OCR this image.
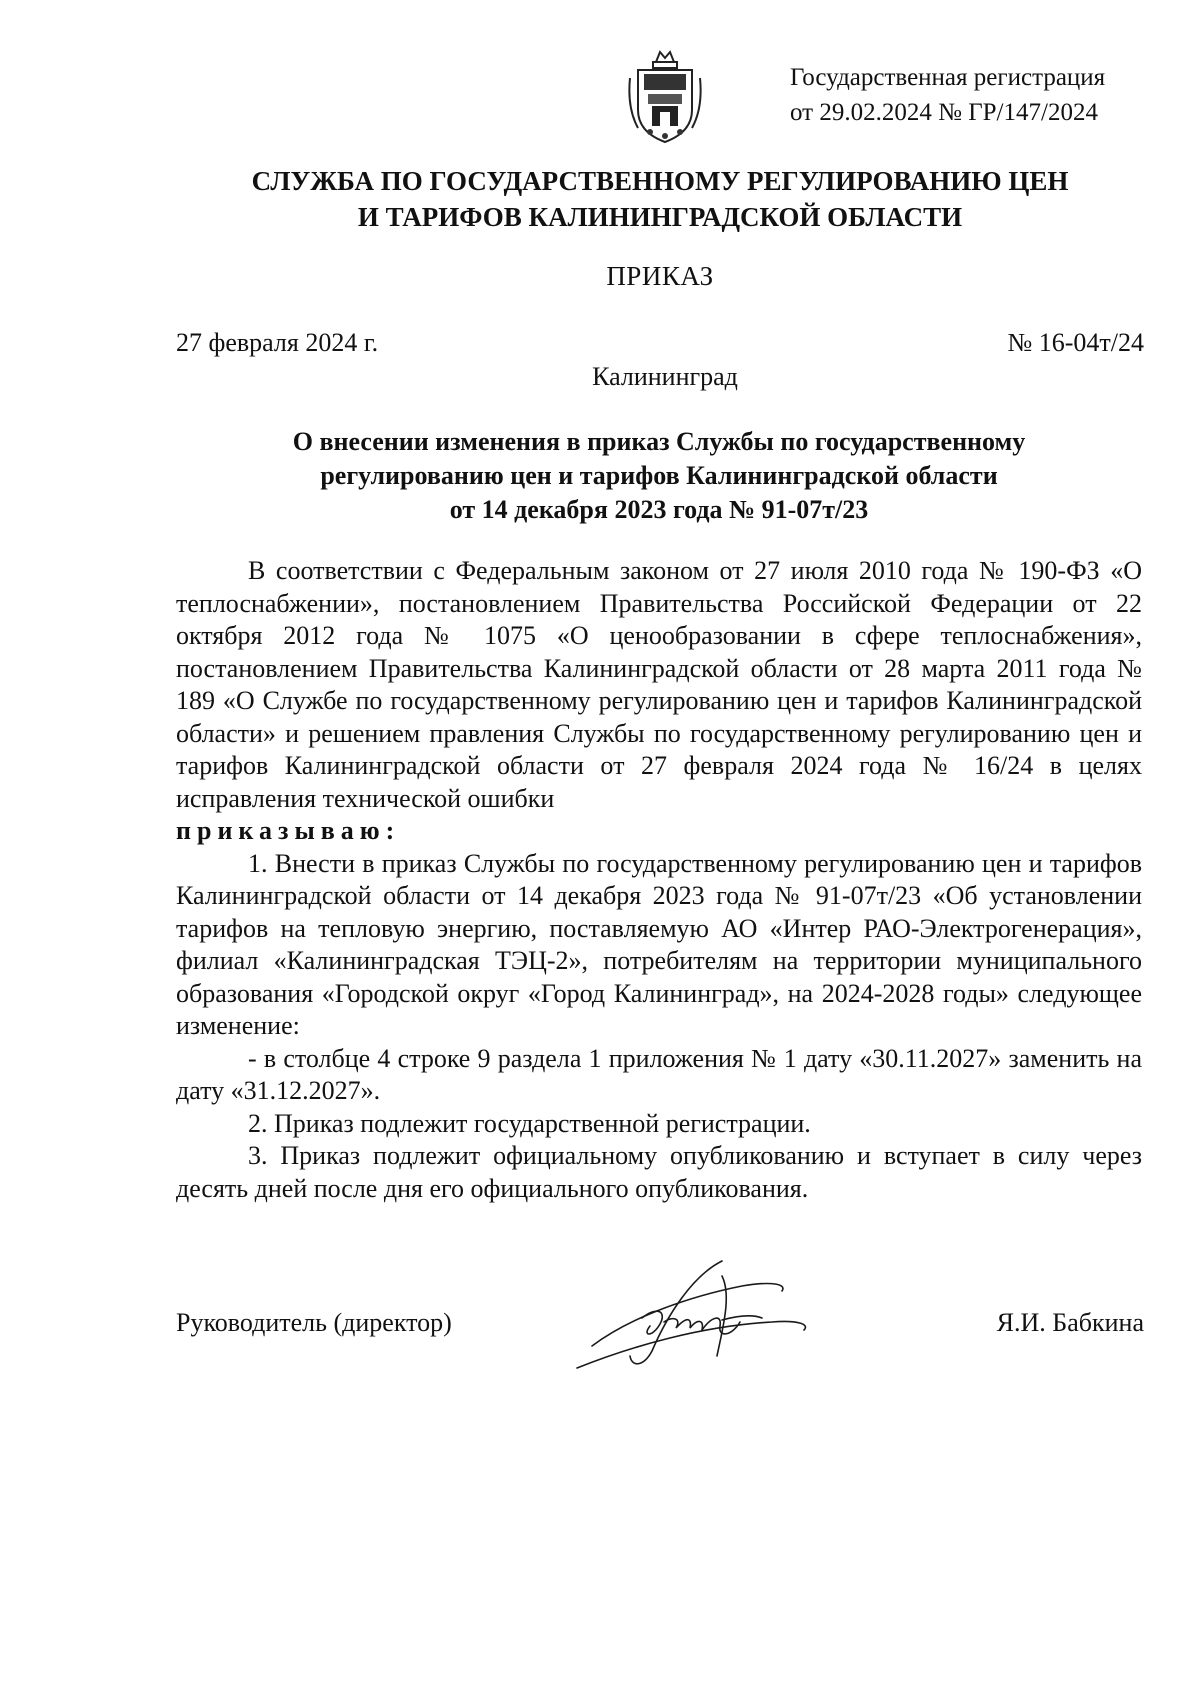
Государственная регистрация
от 29.02.2024 № ГР/147/2024
СЛУЖБА ПО ГОСУДАРСТВЕННОМУ РЕГУЛИРОВАНИЮ ЦЕН
И ТАРИФОВ КАЛИНИНГРАДСКОЙ ОБЛАСТИ
ПРИКАЗ
27 февраля 2024 г.	№ 16-04т/24
Калининград
О внесении изменения в приказ Службы по государственному
регулированию цен и тарифов Калининградской области
от 14 декабря 2023 года № 91-07т/23

В соответствии с Федеральным законом от 27 июля 2010 года № 190-ФЗ «О теплоснабжении», постановлением Правительства Российской Федерации от 22 октября 2012 года № 1075 «О ценообразовании в сфере теплоснабжения», постановлением Правительства Калининградской области от 28 марта 2011 года № 189 «О Службе по государственному регулированию цен и тарифов Калининградской области» и решением правления Службы по государственному регулированию цен и тарифов Калининградской области от 27 февраля 2024 года № 16/24 в целях исправления технической ошибки

приказываю:

1. Внести в приказ Службы по государственному регулированию цен и тарифов Калининградской области от 14 декабря 2023 года № 91-07т/23 «Об установлении тарифов на тепловую энергию, поставляемую АО «Интер РАО-Электрогенерация», филиал «Калининградская ТЭЦ-2», потребителям на территории муниципального образования «Городской округ «Город Калининград», на 2024-2028 годы» следующее изменение:

- в столбце 4 строке 9 раздела 1 приложения № 1 дату «30.11.2027» заменить на дату «31.12.2027».

2. Приказ подлежит государственной регистрации.

3. Приказ подлежит официальному опубликованию и вступает в силу через десять дней после дня его официального опубликования.

Руководитель (директор)	Я.И. Бабкина
